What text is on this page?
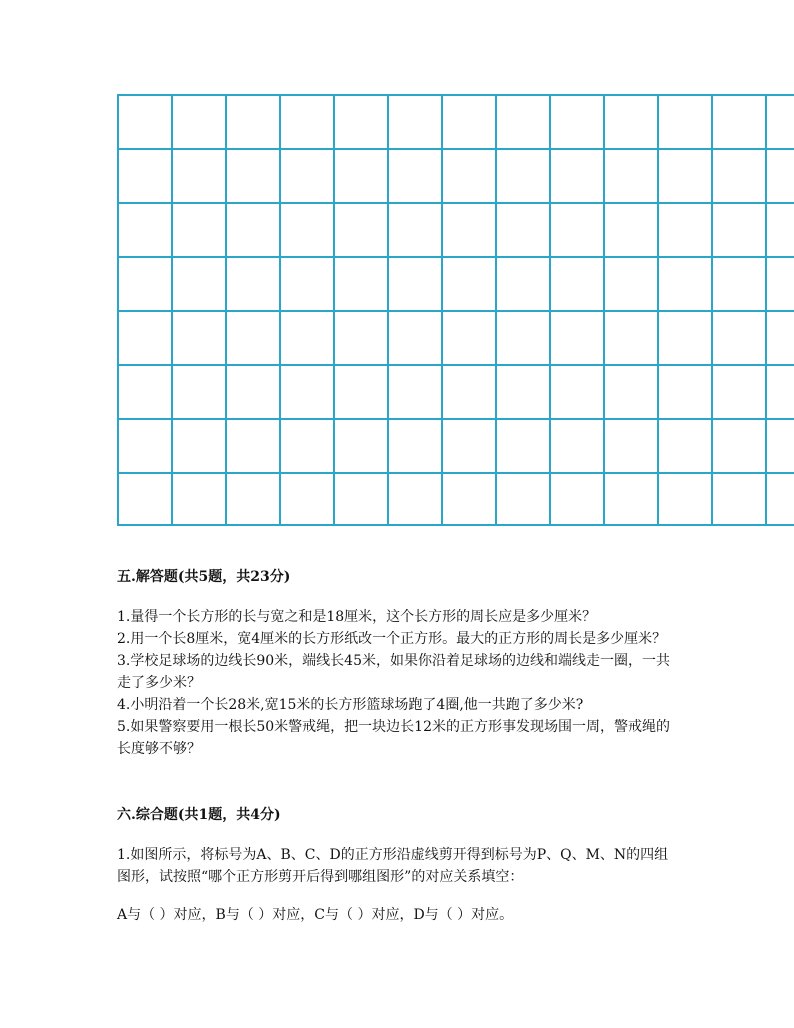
五.解答题(共5题，共23分)

1.量得一个长方形的长与宽之和是18厘米，这个长方形的周长应是多少厘米？

2.用一个长8厘米，宽4厘米的长方形纸改一个正方形。最大的正方形的周长是多少厘米？

3.学校足球场的边线长90米，端线长45米，如果你沿着足球场的边线和端线走一圈，一共走了多少米？

4.小明沿着一个长28米,宽15米的长方形篮球场跑了4圈,他一共跑了多少米?

5.如果警察要用一根长50米警戒绳，把一块边长12米的正方形事发现场围一周，警戒绳的长度够不够？

六.综合题(共1题，共4分)

1.如图所示，将标号为A、B、C、D的正方形沿虚线剪开得到标号为P、Q、M、N的四组图形，试按照“哪个正方形剪开后得到哪组图形”的对应关系填空：

A与（ ）对应，B与（ ）对应，C与（ ）对应，D与（ ）对应。
